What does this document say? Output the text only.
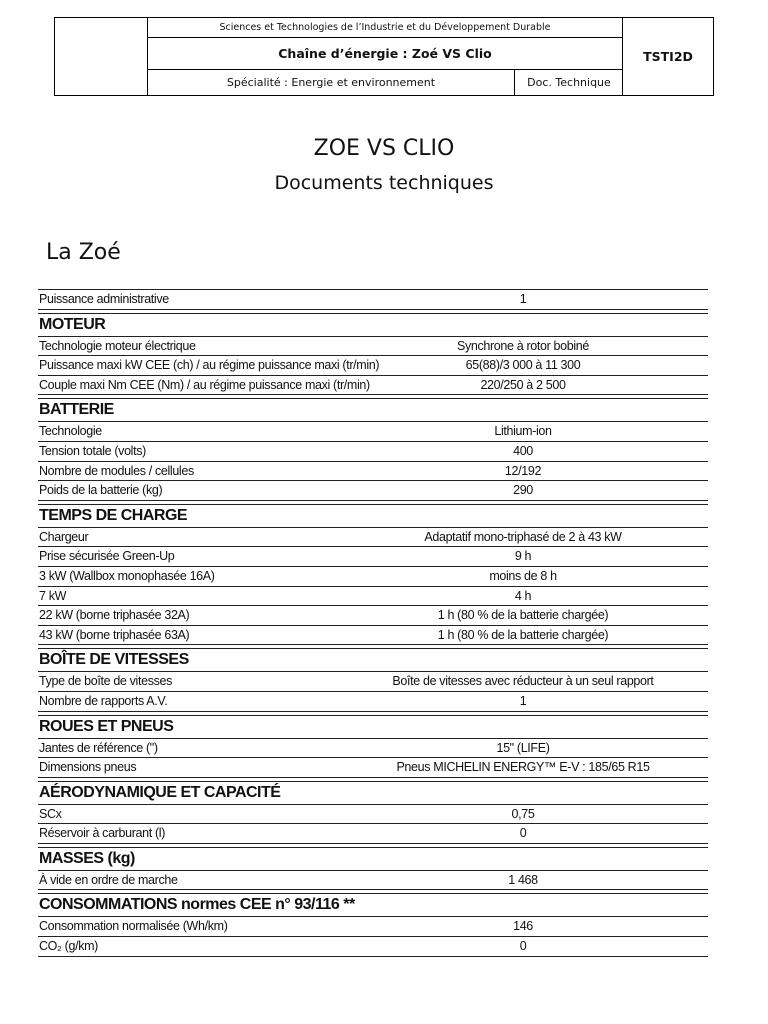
Sciences et Technologies de l’Industrie et du Développement Durable
Chaîne d’énergie : Zoé VS Clio
Spécialité : Energie et environnement	Doc. Technique
TSTI2D
ZOE VS CLIO
Documents techniques
La Zoé
Puissance administrative	1
MOTEUR
Technologie moteur électrique	Synchrone à rotor bobiné
Puissance maxi kW CEE (ch) / au régime puissance maxi (tr/min)	65(88)/3 000 à 11 300
Couple maxi Nm CEE (Nm) / au régime puissance maxi (tr/min)	220/250 à 2 500
BATTERIE
Technologie	Lithium-ion
Tension totale (volts)	400
Nombre de modules / cellules	12/192
Poids de la batterie (kg)	290
TEMPS DE CHARGE
Chargeur	Adaptatif mono-triphasé de 2 à 43 kW
Prise sécurisée Green-Up	9 h
3 kW (Wallbox monophasée 16A)	moins de 8 h
7 kW	4 h
22 kW (borne triphasée 32A)	1 h (80 % de la batterie chargée)
43 kW (borne triphasée 63A)	1 h (80 % de la batterie chargée)
BOÎTE DE VITESSES
Type de boîte de vitesses	Boîte de vitesses avec réducteur à un seul rapport
Nombre de rapports A.V.	1
ROUES ET PNEUS
Jantes de référence (")	15" (LIFE)
Dimensions pneus	Pneus MICHELIN ENERGY™ E-V : 185/65 R15
AÉRODYNAMIQUE ET CAPACITÉ
SCx	0,75
Réservoir à carburant (l)	0
MASSES (kg)
À vide en ordre de marche	1 468
CONSOMMATIONS normes CEE n° 93/116 **
Consommation normalisée (Wh/km)	146
CO₂ (g/km)	0
